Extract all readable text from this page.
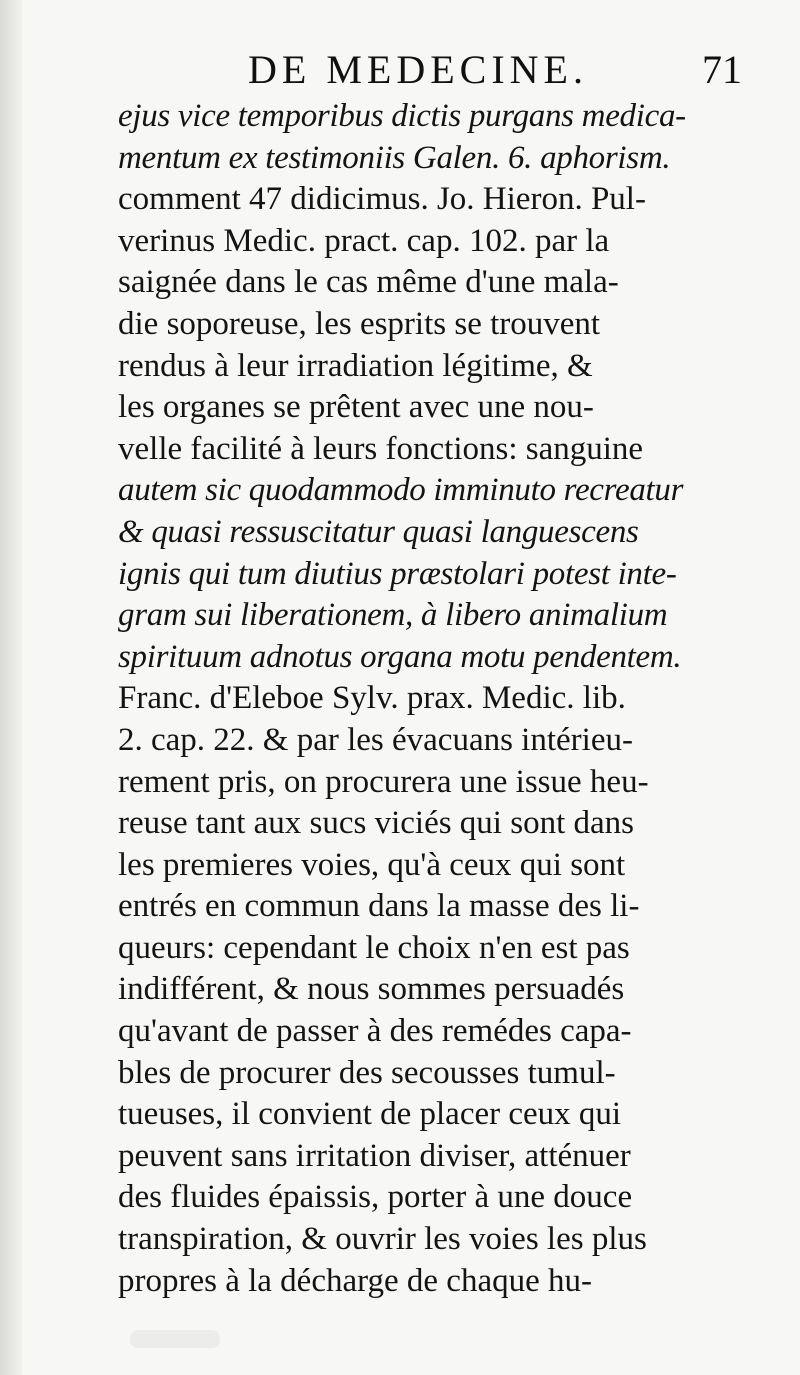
DE MEDECINE.	71
ejus vice temporibus dictis purgans medica-
mentum ex testimoniis Galen. 6. aphorism.
comment 47 didicimus. Jo. Hieron. Pul-
verinus Medic. pract. cap. 102. par la
saignée dans le cas même d'une mala-
die soporeuse, les esprits se trouvent
rendus à leur irradiation légitime, &
les organes se prêtent avec une nou-
velle facilité à leurs fonctions: sanguine
autem sic quodammodo imminuto recreatur
& quasi ressuscitatur quasi languescens
ignis qui tum diutius præstolari potest inte-
gram sui liberationem, à libero animalium
spirituum adnotus organa motu pendentem.
Franc. d'Eleboe Sylv. prax. Medic. lib.
2. cap. 22. & par les évacuans intérieu-
rement pris, on procurera une issue heu-
reuse tant aux sucs viciés qui sont dans
les premieres voies, qu'à ceux qui sont
entrés en commun dans la masse des li-
queurs: cependant le choix n'en est pas
indifférent, & nous sommes persuadés
qu'avant de passer à des remédes capa-
bles de procurer des secousses tumul-
tueuses, il convient de placer ceux qui
peuvent sans irritation diviser, atténuer
des fluides épaissis, porter à une douce
transpiration, & ouvrir les voies les plus
propres à la décharge de chaque hu-
